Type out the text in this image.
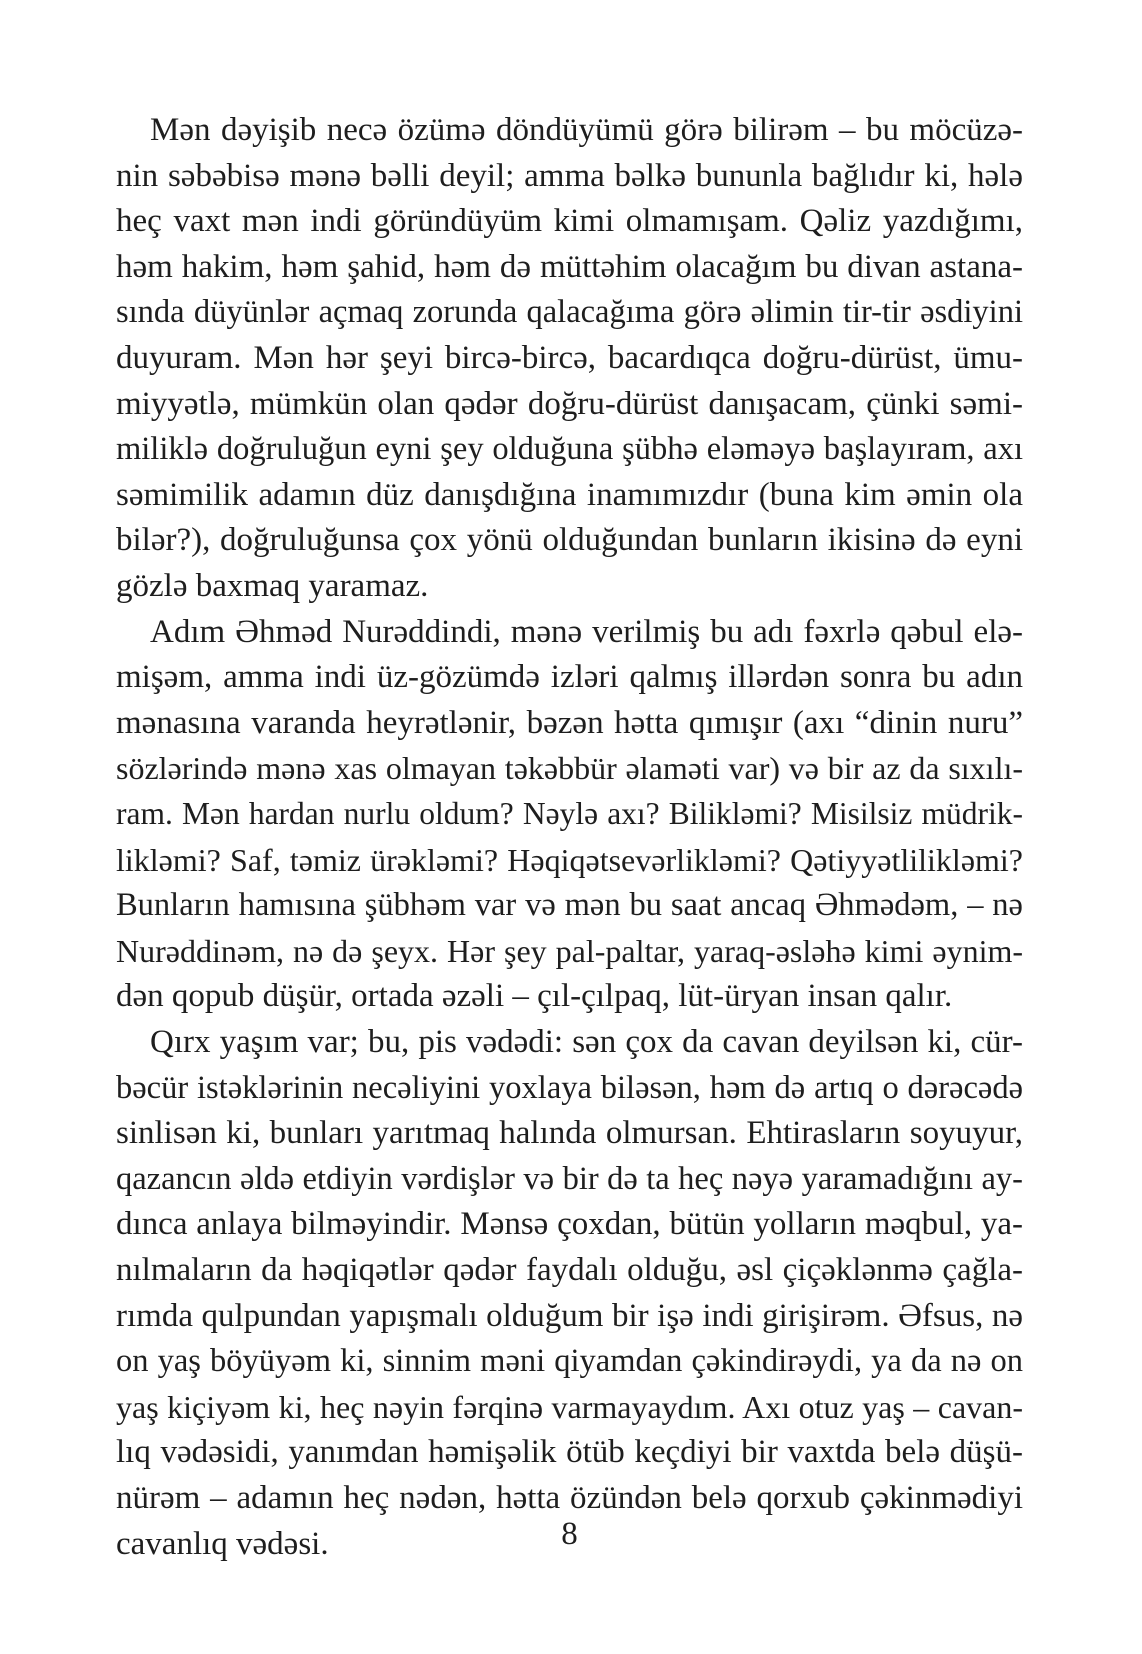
Mən dəyişib necə özümə döndüyümü görə bilirəm – bu möcüzə-
nin səbəbisə mənə bəlli deyil; amma bəlkə bununla bağlıdır ki, hələ
heç vaxt mən indi göründüyüm kimi olmamışam. Qəliz yazdığımı,
həm hakim, həm şahid, həm də müttəhim olacağım bu divan astana-
sında düyünlər açmaq zorunda qalacağıma görə əlimin tir-tir əsdiyini
duyuram. Mən hər şeyi bircə-bircə, bacardıqca doğru-dürüst, ümu-
miyyətlə, mümkün olan qədər doğru-dürüst danışacam, çünki səmi-
miliklə doğruluğun eyni şey olduğuna şübhə eləməyə başlayıram, axı
səmimilik adamın düz danışdığına inamımızdır (buna kim əmin ola
bilər?), doğruluğunsa çox yönü olduğundan bunların ikisinə də eyni
gözlə baxmaq yaramaz.
Adım Əhməd Nurəddindi, mənə verilmiş bu adı fəxrlə qəbul elə-
mişəm, amma indi üz-gözümdə izləri qalmış illərdən sonra bu adın
mənasına varanda heyrətlənir, bəzən hətta qımışır (axı “dinin nuru”
sözlərində mənə xas olmayan təkəbbür əlaməti var) və bir az da sıxılı-
ram. Mən hardan nurlu oldum? Nəylə axı? Bilikləmi? Misilsiz müdrik-
likləmi? Saf, təmiz ürəkləmi? Həqiqətsevərlikləmi? Qətiyyətlilikləmi?
Bunların hamısına şübhəm var və mən bu saat ancaq Əhmədəm, – nə
Nurəddinəm, nə də şeyx. Hər şey pal-paltar, yaraq-əsləhə kimi əynim-
dən qopub düşür, ortada əzəli – çıl-çılpaq, lüt-üryan insan qalır.
Qırx yaşım var; bu, pis vədədi: sən çox da cavan deyilsən ki, cür-
bəcür istəklərinin necəliyini yoxlaya biləsən, həm də artıq o dərəcədə
sinlisən ki, bunları yarıtmaq halında olmursan. Ehtirasların soyuyur,
qazancın əldə etdiyin vərdişlər və bir də ta heç nəyə yaramadığını ay-
dınca anlaya bilməyindir. Mənsə çoxdan, bütün yolların məqbul, ya-
nılmaların da həqiqətlər qədər faydalı olduğu, əsl çiçəklənmə çağla-
rımda qulpundan yapışmalı olduğum bir işə indi girişirəm. Əfsus, nə
on yaş böyüyəm ki, sinnim məni qiyamdan çəkindirəydi, ya da nə on
yaş kiçiyəm ki, heç nəyin fərqinə varmayaydım. Axı otuz yaş – cavan-
lıq vədəsidi, yanımdan həmişəlik ötüb keçdiyi bir vaxtda belə düşü-
nürəm – adamın heç nədən, hətta özündən belə qorxub çəkinmədiyi
cavanlıq vədəsi.	8
